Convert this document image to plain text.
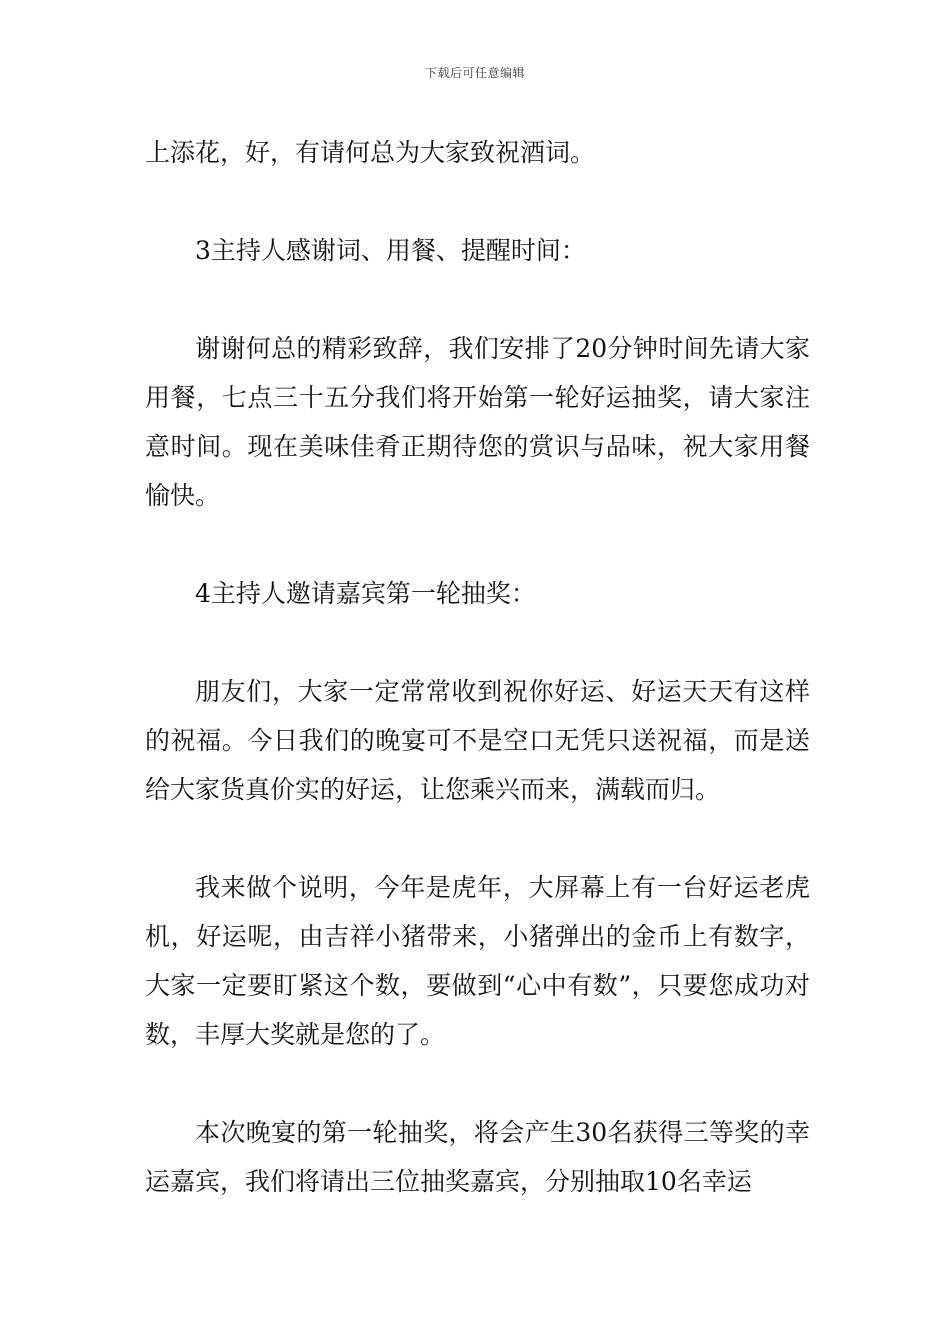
下载后可任意编辑

上添花，好，有请何总为大家致祝酒词。

3主持人感谢词、用餐、提醒时间：

谢谢何总的精彩致辞，我们安排了20分钟时间先请大家用餐，七点三十五分我们将开始第一轮好运抽奖，请大家注意时间。现在美味佳肴正期待您的赏识与品味，祝大家用餐愉快。

4主持人邀请嘉宾第一轮抽奖：

朋友们，大家一定常常收到祝你好运、好运天天有这样的祝福。今日我们的晚宴可不是空口无凭只送祝福，而是送给大家货真价实的好运，让您乘兴而来，满载而归。

我来做个说明，今年是虎年，大屏幕上有一台好运老虎机，好运呢，由吉祥小猪带来，小猪弹出的金币上有数字，大家一定要盯紧这个数，要做到“心中有数”，只要您成功对数，丰厚大奖就是您的了。

本次晚宴的第一轮抽奖，将会产生30名获得三等奖的幸运嘉宾，我们将请出三位抽奖嘉宾，分别抽取10名幸运
